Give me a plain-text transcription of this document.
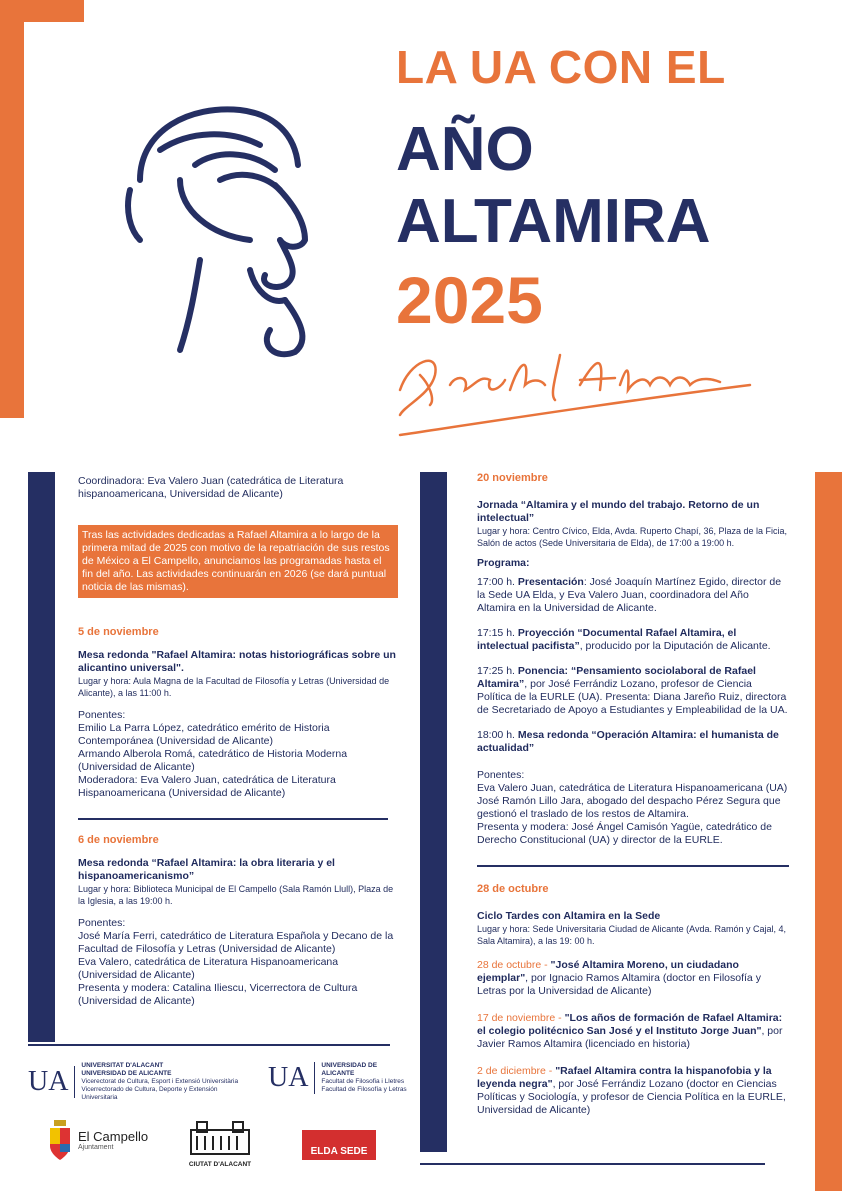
LA UA CON EL
AÑO
ALTAMIRA
2025

Coordinadora: Eva Valero Juan (catedrática de Literatura hispanoamericana, Universidad de Alicante)

Tras las actividades dedicadas a Rafael Altamira a lo largo de la primera mitad de 2025 con motivo de la repatriación de sus restos de México a El Campello, anunciamos las programadas hasta el fin del año. Las actividades continuarán en 2026 (se dará puntual noticia de las mismas).

5 de noviembre

Mesa redonda "Rafael Altamira: notas historiográficas sobre un alicantino universal".

Lugar y hora: Aula Magna de la Facultad de Filosofía y Letras (Universidad de Alicante), a las 11:00 h.

Ponentes:

Emilio La Parra López, catedrático emérito de Historia Contemporánea (Universidad de Alicante)

Armando Alberola Romá, catedrático de Historia Moderna (Universidad de Alicante)

Moderadora: Eva Valero Juan, catedrática de Literatura Hispanoamericana (Universidad de Alicante)

6 de noviembre

Mesa redonda “Rafael Altamira: la obra literaria y el hispanoamericanismo”

Lugar y hora: Biblioteca Municipal de El Campello (Sala Ramón Llull), Plaza de la Iglesia, a las 19:00 h.

Ponentes:

José María Ferri, catedrático de Literatura Española y Decano de la Facultad de Filosofía y Letras (Universidad de Alicante)

Eva Valero, catedrática de Literatura Hispanoamericana (Universidad de Alicante)

Presenta y modera: Catalina Iliescu, Vicerrectora de Cultura (Universidad de Alicante)

20 noviembre

Jornada “Altamira y el mundo del trabajo. Retorno de un intelectual”

Lugar y hora: Centro Cívico, Elda, Avda. Ruperto Chapí, 36, Plaza de la Ficia, Salón de actos (Sede Universitaria de Elda), de 17:00 a 19:00 h.

Programa:

17:00 h. Presentación: José Joaquín Martínez Egido, director de la Sede UA Elda, y Eva Valero Juan, coordinadora del Año Altamira en la Universidad de Alicante.

17:15 h. Proyección “Documental Rafael Altamira, el intelectual pacifista”, producido por la Diputación de Alicante.

17:25 h. Ponencia: “Pensamiento sociolaboral de Rafael Altamira”, por José Ferrándiz Lozano, profesor de Ciencia Política de la EURLE (UA). Presenta: Diana Jareño Ruiz, directora de Secretariado de Apoyo a Estudiantes y Empleabilidad de la UA.

18:00 h. Mesa redonda “Operación Altamira: el humanista de actualidad”

Ponentes:

Eva Valero Juan, catedrática de Literatura Hispanoamericana (UA)

José Ramón Lillo Jara, abogado del despacho Pérez Segura que gestionó el traslado de los restos de Altamira.

Presenta y modera: José Ángel Camisón Yagüe, catedrático de Derecho Constitucional (UA) y director de la EURLE.

28 de octubre

Ciclo Tardes con Altamira en la Sede

Lugar y hora: Sede Universitaria Ciudad de Alicante (Avda. Ramón y Cajal, 4, Sala Altamira), a las 19: 00 h.

28 de octubre - "José Altamira Moreno, un ciudadano ejemplar", por Ignacio Ramos Altamira (doctor en Filosofía y Letras por la Universidad de Alicante)

17 de noviembre - "Los años de formación de Rafael Altamira: el colegio politécnico San José y el Instituto Jorge Juan", por Javier Ramos Altamira (licenciado en historia)

2 de diciembre - "Rafael Altamira contra la hispanofobia y la leyenda negra", por José Ferrándiz Lozano (doctor en Ciencias Políticas y Sociología, y profesor de Ciencia Política en la EURLE, Universidad de Alicante)

UA
UNIVERSITAT D'ALACANT
UNIVERSIDAD DE ALICANTE
Vicerectorat de Cultura, Esport i Extensió Universitària
Vicerrectorado de Cultura, Deporte y Extensión Universitaria
UA UNIVERSIDAD DE ALICANTE
Facultat de Filosofia i Lletres
Facultad de Filosofía y Letras
El Campello
Ajuntament
CIUTAT D'ALACANT
ELDA SEDE
